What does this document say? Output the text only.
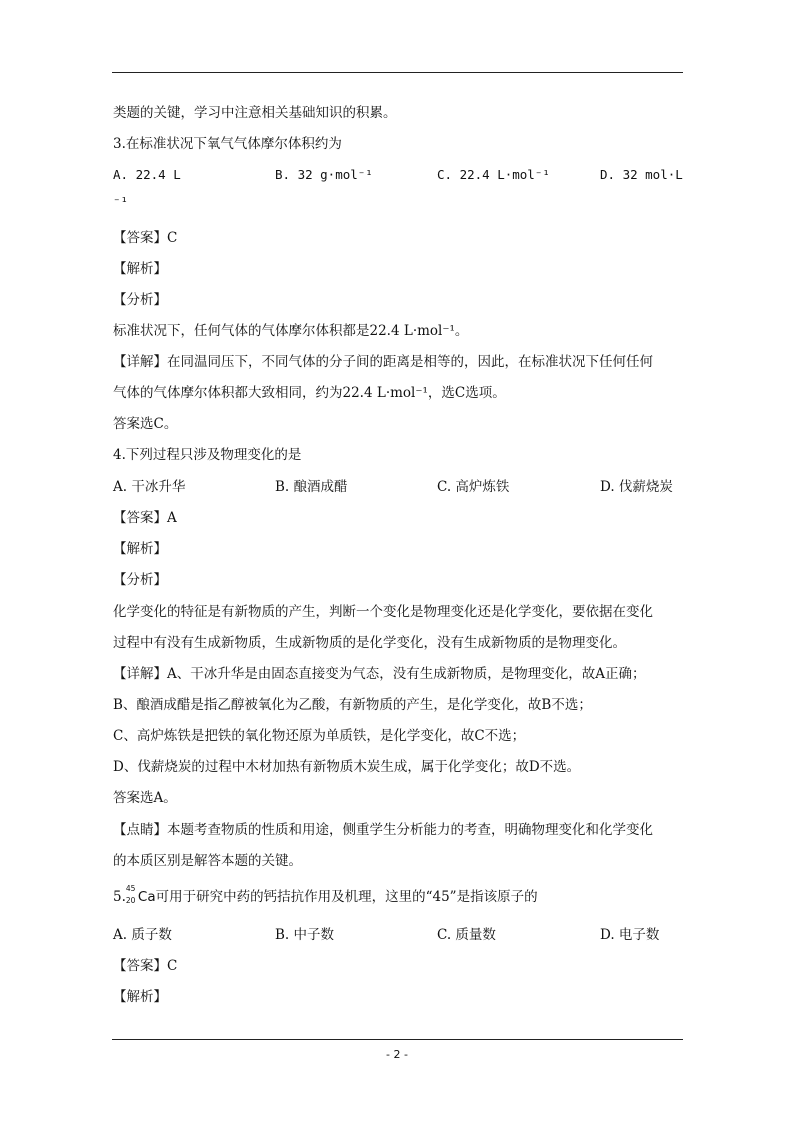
类题的关键，学习中注意相关基础知识的积累。
3.在标准状况下氧气气体摩尔体积约为
A. 22.4 L	B. 32 g·mol⁻¹	C. 22.4 L·mol⁻¹	D. 32 mol·L
⁻¹
【答案】C
【解析】
【分析】
标准状况下，任何气体的气体摩尔体积都是22.4 L·mol⁻¹。
【详解】在同温同压下，不同气体的分子间的距离是相等的，因此，在标准状况下任何任何
气体的气体摩尔体积都大致相同，约为22.4 L·mol⁻¹，选C选项。
答案选C。
4.下列过程只涉及物理变化的是
A. 干冰升华	B. 酿酒成醋	C. 高炉炼铁	D. 伐薪烧炭
【答案】A
【解析】
【分析】
化学变化的特征是有新物质的产生，判断一个变化是物理变化还是化学变化，要依据在变化
过程中有没有生成新物质，生成新物质的是化学变化，没有生成新物质的是物理变化。
【详解】A、干冰升华是由固态直接变为气态，没有生成新物质，是物理变化，故A正确；
B、酿酒成醋是指乙醇被氧化为乙酸，有新物质的产生，是化学变化，故B不选；
C、高炉炼铁是把铁的氧化物还原为单质铁，是化学变化，故C不选；
D、伐薪烧炭的过程中木材加热有新物质木炭生成，属于化学变化；故D不选。
答案选A。
【点睛】本题考查物质的性质和用途，侧重学生分析能力的考查，明确物理变化和化学变化
的本质区别是解答本题的关键。
5.
45
20 Ca可用于研究中药的钙拮抗作用及机理，这里的“45”是指该原子的
A. 质子数	B. 中子数	C. 质量数	D. 电子数
【答案】C
【解析】
- 2 -
